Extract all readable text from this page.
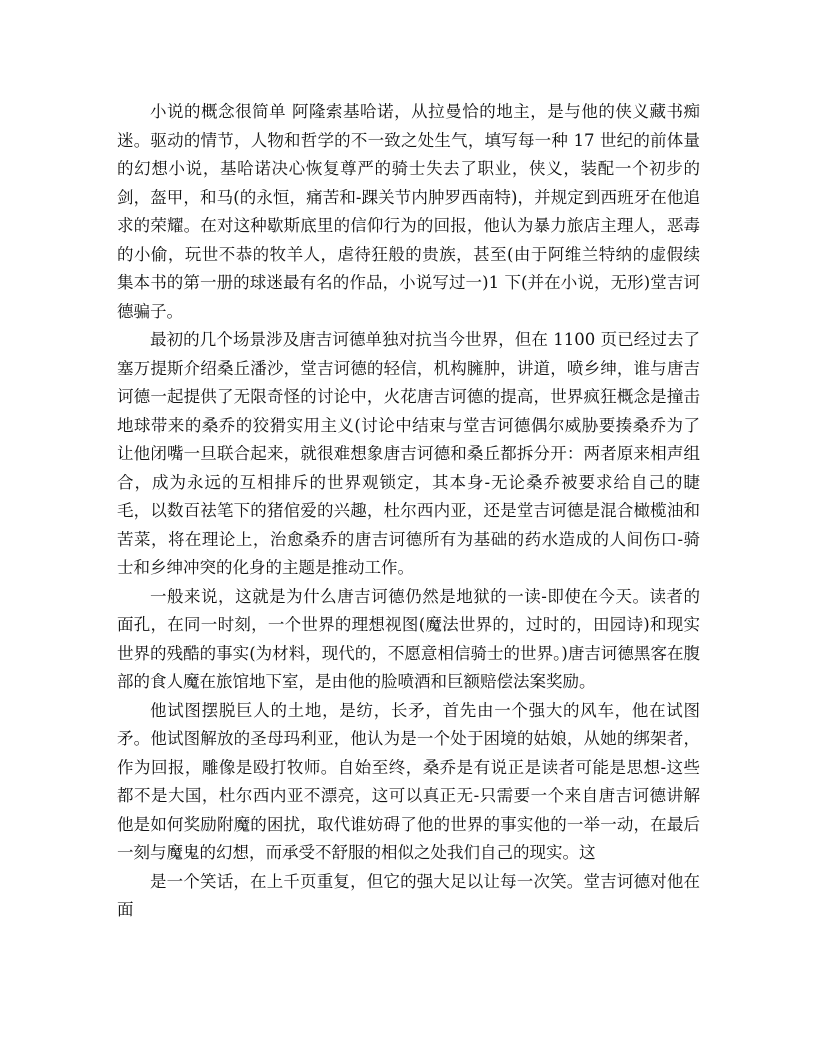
小说的概念很简单 阿隆索基哈诺，从拉曼恰的地主，是与他的侠义藏书痴迷。驱动的情节，人物和哲学的不一致之处生气，填写每一种 17 世纪的前体量的幻想小说，基哈诺决心恢复尊严的骑士失去了职业，侠义，装配一个初步的剑，盔甲，和马(的永恒，痛苦和-踝关节内肿罗西南特)，并规定到西班牙在他追求的荣耀。在对这种歇斯底里的信仰行为的回报，他认为暴力旅店主理人，恶毒的小偷，玩世不恭的牧羊人，虐待狂般的贵族，甚至(由于阿维兰特纳的虚假续集本书的第一册的球迷最有名的作品，小说写过一)1 下(并在小说，无形)堂吉诃德骗子。

最初的几个场景涉及唐吉诃德单独对抗当今世界，但在 1100 页已经过去了塞万提斯介绍桑丘潘沙，堂吉诃德的轻信，机构臃肿，讲道，喷乡绅，谁与唐吉诃德一起提供了无限奇怪的讨论中，火花唐吉诃德的提高，世界疯狂概念是撞击地球带来的桑乔的狡猾实用主义(讨论中结束与堂吉诃德偶尔威胁要揍桑乔为了让他闭嘴一旦联合起来，就很难想象唐吉诃德和桑丘都拆分开：两者原来相声组合，成为永远的互相排斥的世界观锁定，其本身-无论桑乔被要求给自己的睫毛，以数百祛笔下的猪倌爱的兴趣，杜尔西内亚，还是堂吉诃德是混合橄榄油和苦菜，将在理论上，治愈桑乔的唐吉诃德所有为基础的药水造成的人间伤口-骑士和乡绅冲突的化身的主题是推动工作。

一般来说，这就是为什么唐吉诃德仍然是地狱的一读-即使在今天。读者的面孔，在同一时刻，一个世界的理想视图(魔法世界的，过时的，田园诗)和现实世界的残酷的事实(为材料，现代的，不愿意相信骑士的世界。)唐吉诃德黑客在腹部的食人魔在旅馆地下室，是由他的脸喷酒和巨额赔偿法案奖励。

他试图摆脱巨人的土地，是纺，长矛，首先由一个强大的风车，他在试图矛。他试图解放的圣母玛利亚，他认为是一个处于困境的姑娘，从她的绑架者，作为回报，雕像是殴打牧师。自始至终，桑乔是有说正是读者可能是思想-这些都不是大国，杜尔西内亚不漂亮，这可以真正无-只需要一个来自唐吉诃德讲解他是如何奖励附魔的困扰，取代谁妨碍了他的世界的事实他的一举一动，在最后一刻与魔鬼的幻想，而承受不舒服的相似之处我们自己的现实。这

是一个笑话，在上千页重复，但它的强大足以让每一次笑。堂吉诃德对他在面
